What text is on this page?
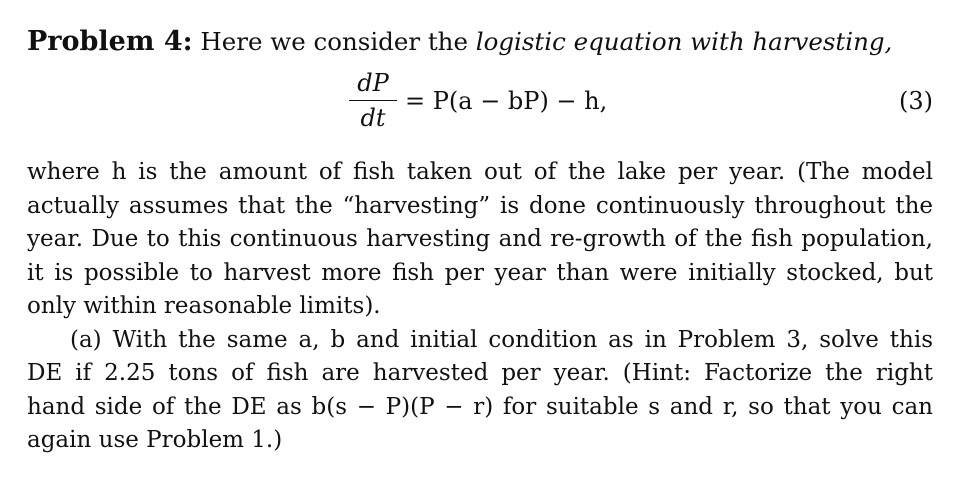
Problem 4: Here we consider the logistic equation with harvesting,
dP
dt
= P(a − bP) − h,	(3)

where h is the amount of fish taken out of the lake per year. (The model
actually assumes that the “harvesting” is done continuously throughout the
year. Due to this continuous harvesting and re-growth of the fish population,
it is possible to harvest more fish per year than were initially stocked, but
only within reasonable limits).

(a) With the same a, b and initial condition as in Problem 3, solve this
DE if 2.25 tons of fish are harvested per year. (Hint: Factorize the right
hand side of the DE as b(s − P)(P − r) for suitable s and r, so that you can
again use Problem 1.)
